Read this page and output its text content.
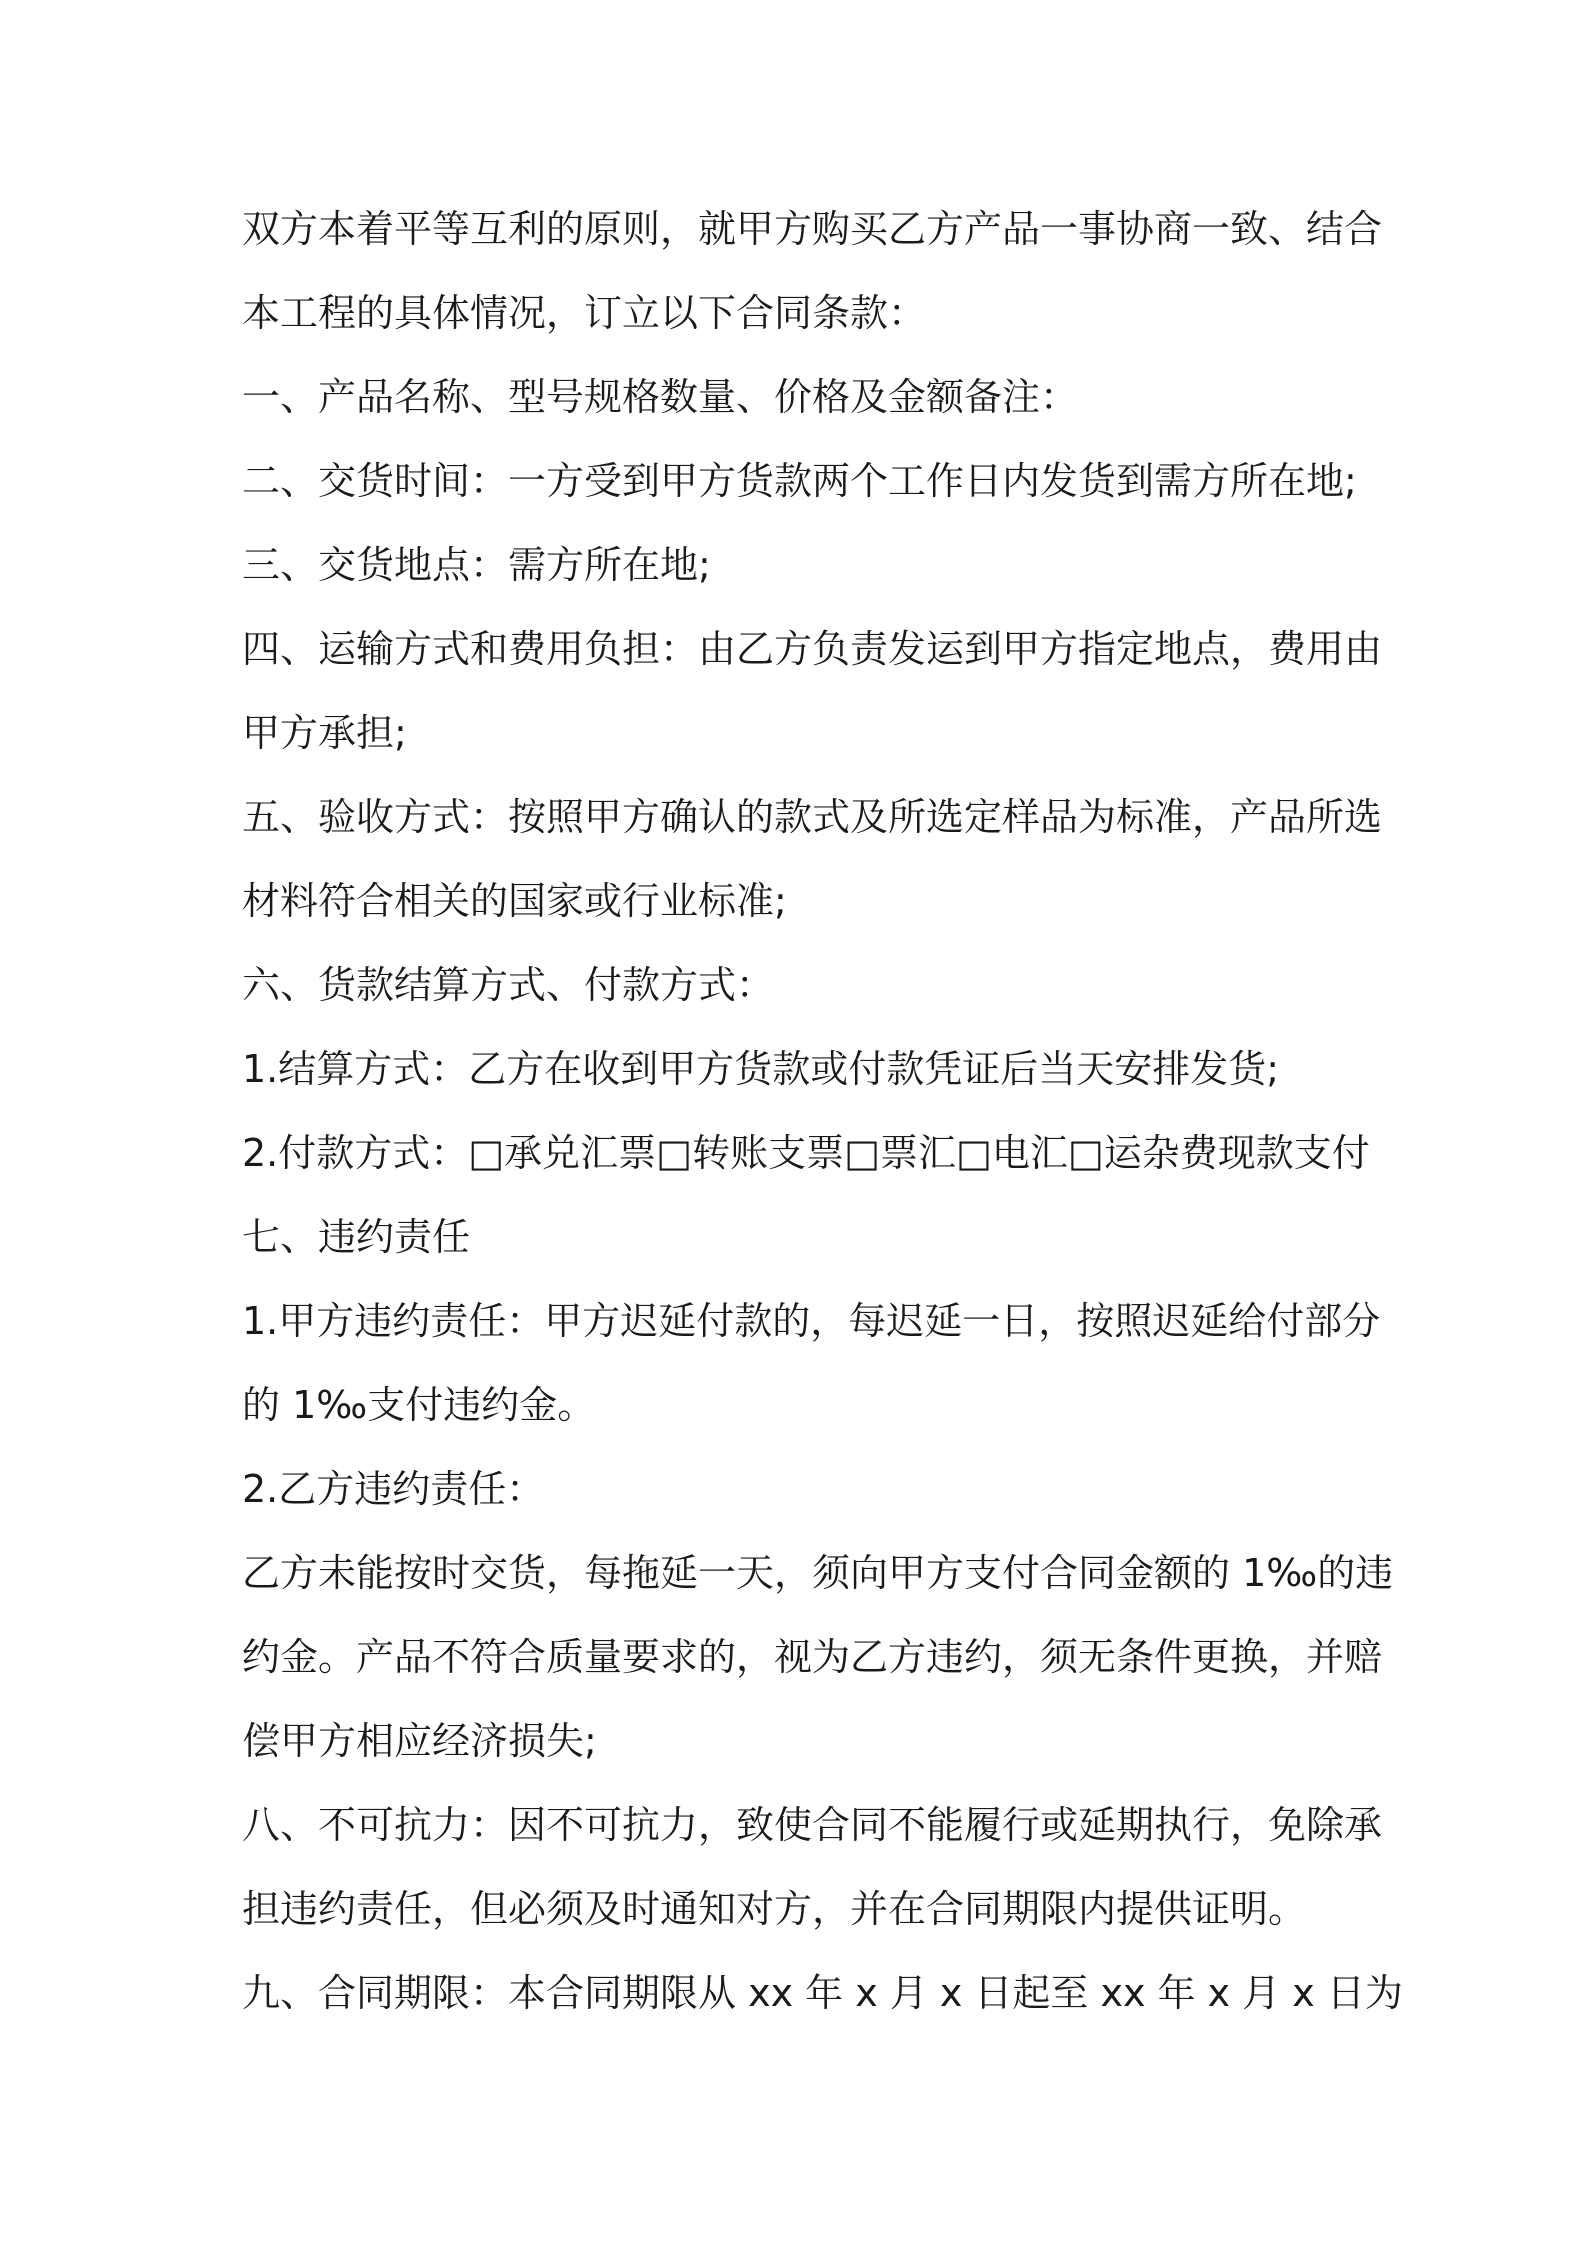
双方本着平等互利的原则，就甲方购买乙方产品一事协商一致、结合
本工程的具体情况，订立以下合同条款：
一、产品名称、型号规格数量、价格及金额备注：
二、交货时间：一方受到甲方货款两个工作日内发货到需方所在地;
三、交货地点：需方所在地;
四、运输方式和费用负担：由乙方负责发运到甲方指定地点，费用由
甲方承担;
五、验收方式：按照甲方确认的款式及所选定样品为标准，产品所选
材料符合相关的国家或行业标准;
六、货款结算方式、付款方式：
1.结算方式：乙方在收到甲方货款或付款凭证后当天安排发货;
2.付款方式：□承兑汇票□转账支票□票汇□电汇□运杂费现款支付
七、违约责任
1.甲方违约责任：甲方迟延付款的，每迟延一日，按照迟延给付部分
的 1‰支付违约金。
2.乙方违约责任：
乙方未能按时交货，每拖延一天，须向甲方支付合同金额的 1‰的违
约金。产品不符合质量要求的，视为乙方违约，须无条件更换，并赔
偿甲方相应经济损失;
八、不可抗力：因不可抗力，致使合同不能履行或延期执行，免除承
担违约责任，但必须及时通知对方，并在合同期限内提供证明。
九、合同期限：本合同期限从 xx 年 x 月 x 日起至 xx 年 x 月 x 日为
